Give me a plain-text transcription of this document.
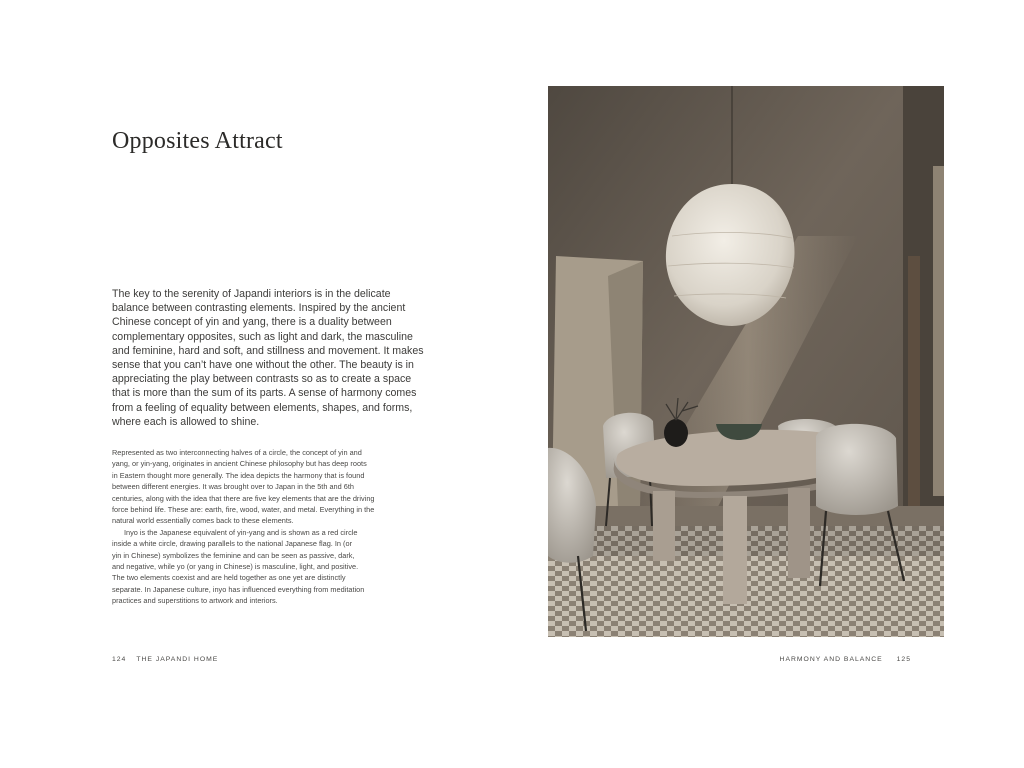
Opposites Attract
The key to the serenity of Japandi interiors is in the delicate
balance between contrasting elements. Inspired by the ancient
Chinese concept of yin and yang, there is a duality between
complementary opposites, such as light and dark, the masculine
and feminine, hard and soft, and stillness and movement. It makes
sense that you can’t have one without the other. The beauty is in
appreciating the play between contrasts so as to create a space
that is more than the sum of its parts. A sense of harmony comes
from a feeling of equality between elements, shapes, and forms,
where each is allowed to shine.
Represented as two interconnecting halves of a circle, the concept of yin and
yang, or yin-yang, originates in ancient Chinese philosophy but has deep roots
in Eastern thought more generally. The idea depicts the harmony that is found
between different energies. It was brought over to Japan in the 5th and 6th
centuries, along with the idea that there are five key elements that are the driving
force behind life. These are: earth, fire, wood, water, and metal. Everything in the
natural world essentially comes back to these elements.
Inyo is the Japanese equivalent of yin-yang and is shown as a red circle
inside a white circle, drawing parallels to the national Japanese flag. In (or
yin in Chinese) symbolizes the feminine and can be seen as passive, dark,
and negative, while yo (or yang in Chinese) is masculine, light, and positive.
The two elements coexist and are held together as one yet are distinctly
separate. In Japanese culture, inyo has influenced everything from meditation
practices and superstitions to artwork and interiors.
124 THE JAPANDI HOME	HARMONY AND BALANCE 125
